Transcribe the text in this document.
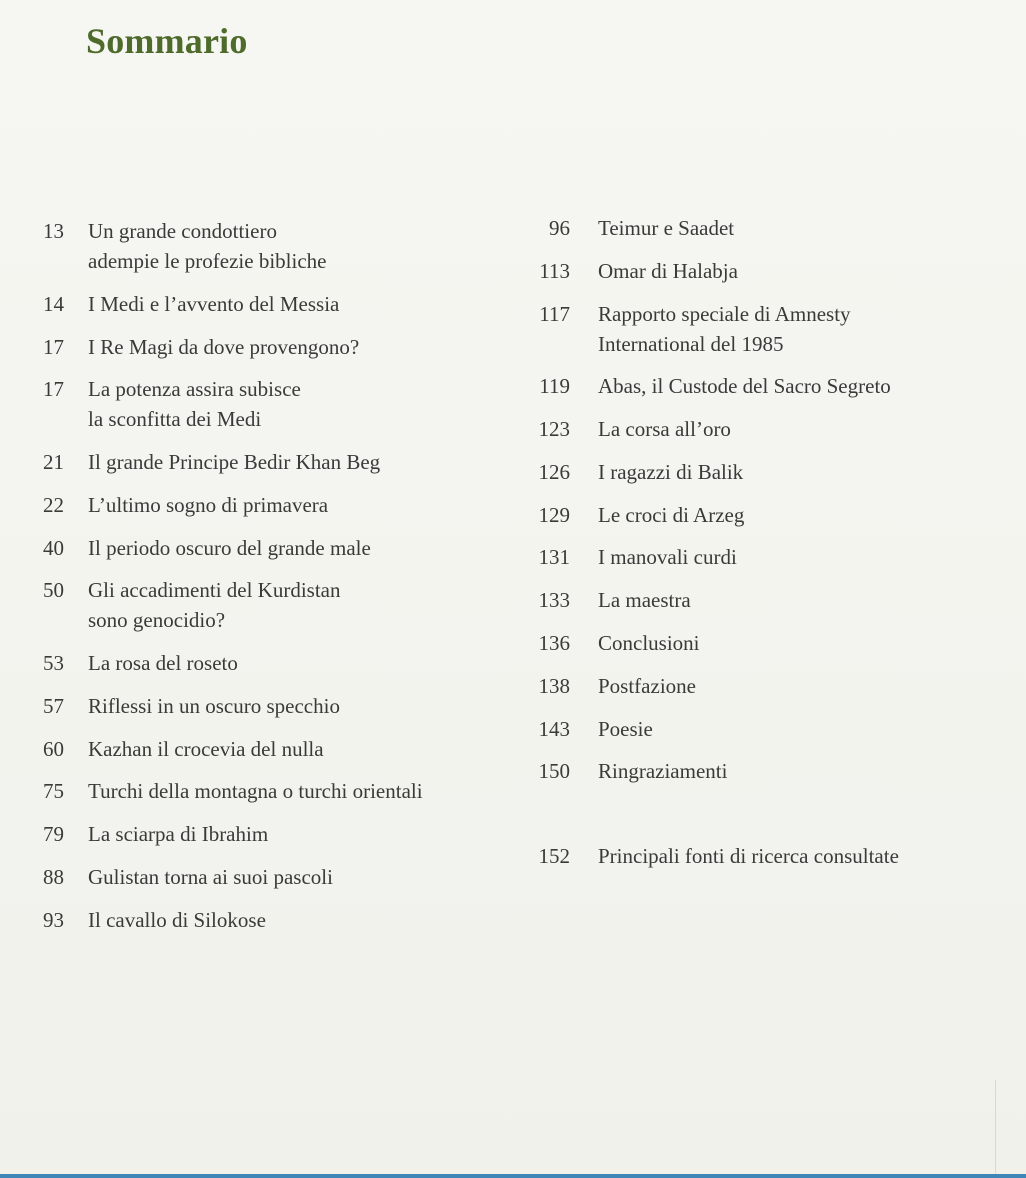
Sommario
13 Un grande condottiero
adempie le profezie bibliche
14 I Medi e l’avvento del Messia
17 I Re Magi da dove provengono?
17 La potenza assira subisce
la sconfitta dei Medi
21 Il grande Principe Bedir Khan Beg
22 L’ultimo sogno di primavera
40 Il periodo oscuro del grande male
50 Gli accadimenti del Kurdistan
sono genocidio?
53 La rosa del roseto
57 Riflessi in un oscuro specchio
60 Kazhan il crocevia del nulla
75 Turchi della montagna o turchi orientali
79 La sciarpa di Ibrahim
88 Gulistan torna ai suoi pascoli
93 Il cavallo di Silokose
96 Teimur e Saadet
113 Omar di Halabja
117 Rapporto speciale di Amnesty
International del 1985
119 Abas, il Custode del Sacro Segreto
123 La corsa all’oro
126 I ragazzi di Balik
129 Le croci di Arzeg
131 I manovali curdi
133 La maestra
136 Conclusioni
138 Postfazione
143 Poesie
150 Ringraziamenti
152 Principali fonti di ricerca consultate
